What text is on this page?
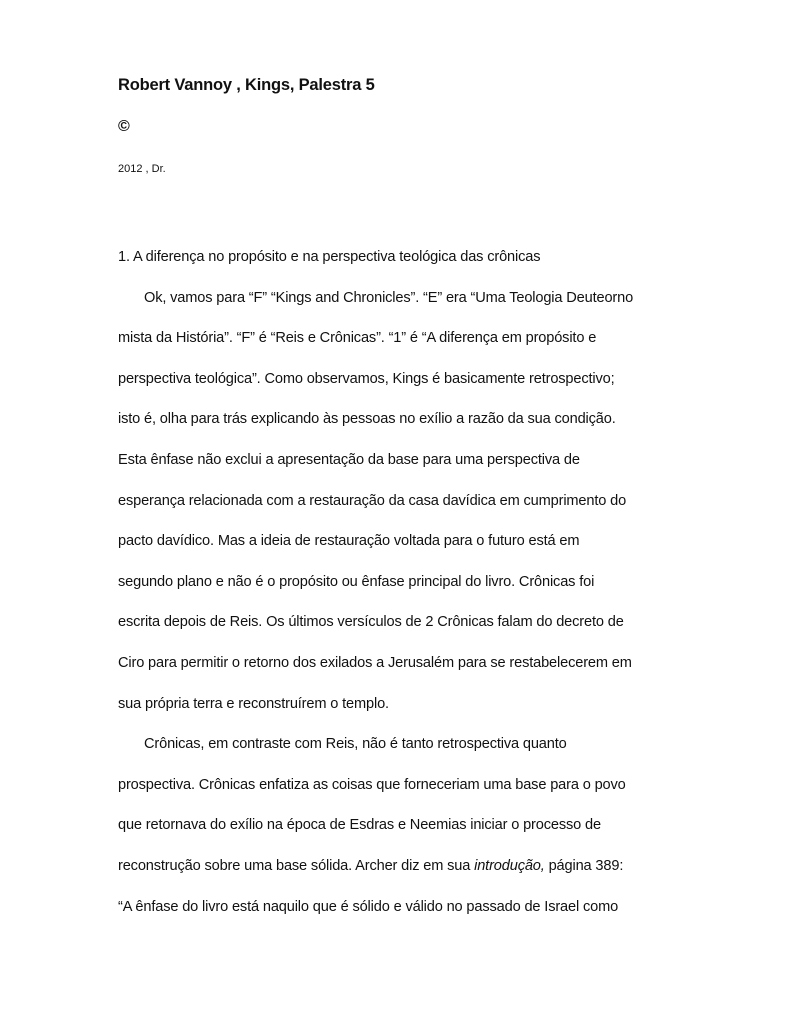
Robert Vannoy , Kings, Palestra 5
©
2012 , Dr.
1. A diferença no propósito e na perspectiva teológica das crônicas
Ok, vamos para “F” “Kings and Chronicles”. “E” era “Uma Teologia Deuteorno
mista da História”. “F” é “Reis e Crônicas”. “1” é “A diferença em propósito e
perspectiva teológica”. Como observamos, Kings é basicamente retrospectivo;
isto é, olha para trás explicando às pessoas no exílio a razão da sua condição.
Esta ênfase não exclui a apresentação da base para uma perspectiva de
esperança relacionada com a restauração da casa davídica em cumprimento do
pacto davídico. Mas a ideia de restauração voltada para o futuro está em
segundo plano e não é o propósito ou ênfase principal do livro. Crônicas foi
escrita depois de Reis. Os últimos versículos de 2 Crônicas falam do decreto de
Ciro para permitir o retorno dos exilados a Jerusalém para se restabelecerem em
sua própria terra e reconstruírem o templo.
Crônicas, em contraste com Reis, não é tanto retrospectiva quanto
prospectiva. Crônicas enfatiza as coisas que forneceriam uma base para o povo
que retornava do exílio na época de Esdras e Neemias iniciar o processo de
reconstrução sobre uma base sólida. Archer diz em sua introdução, página 389:
“A ênfase do livro está naquilo que é sólido e válido no passado de Israel como
